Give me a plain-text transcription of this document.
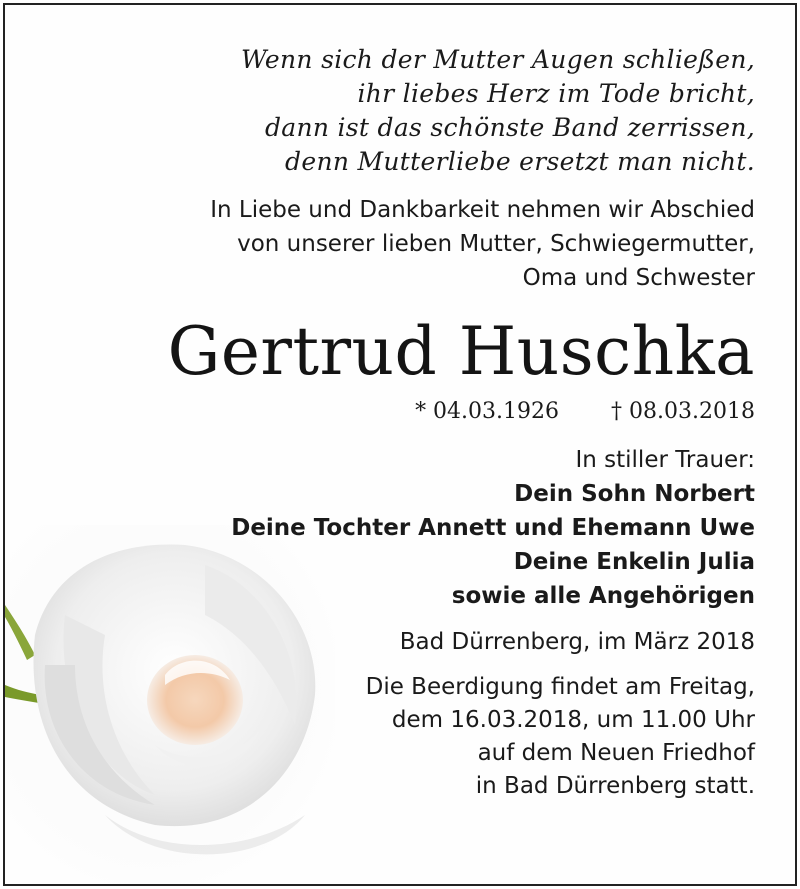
Wenn sich der Mutter Augen schließen,
ihr liebes Herz im Tode bricht,
dann ist das schönste Band zerrissen,
denn Mutterliebe ersetzt man nicht.
In Liebe und Dankbarkeit nehmen wir Abschied
von unserer lieben Mutter, Schwiegermutter,
Oma und Schwester
Gertrud Huschka
* 04.03.1926 † 08.03.2018
In stiller Trauer:
Dein Sohn Norbert
Deine Tochter Annett und Ehemann Uwe
Deine Enkelin Julia
sowie alle Angehörigen
Bad Dürrenberg, im März 2018
Die Beerdigung findet am Freitag,
dem 16.03.2018, um 11.00 Uhr
auf dem Neuen Friedhof
in Bad Dürrenberg statt.
